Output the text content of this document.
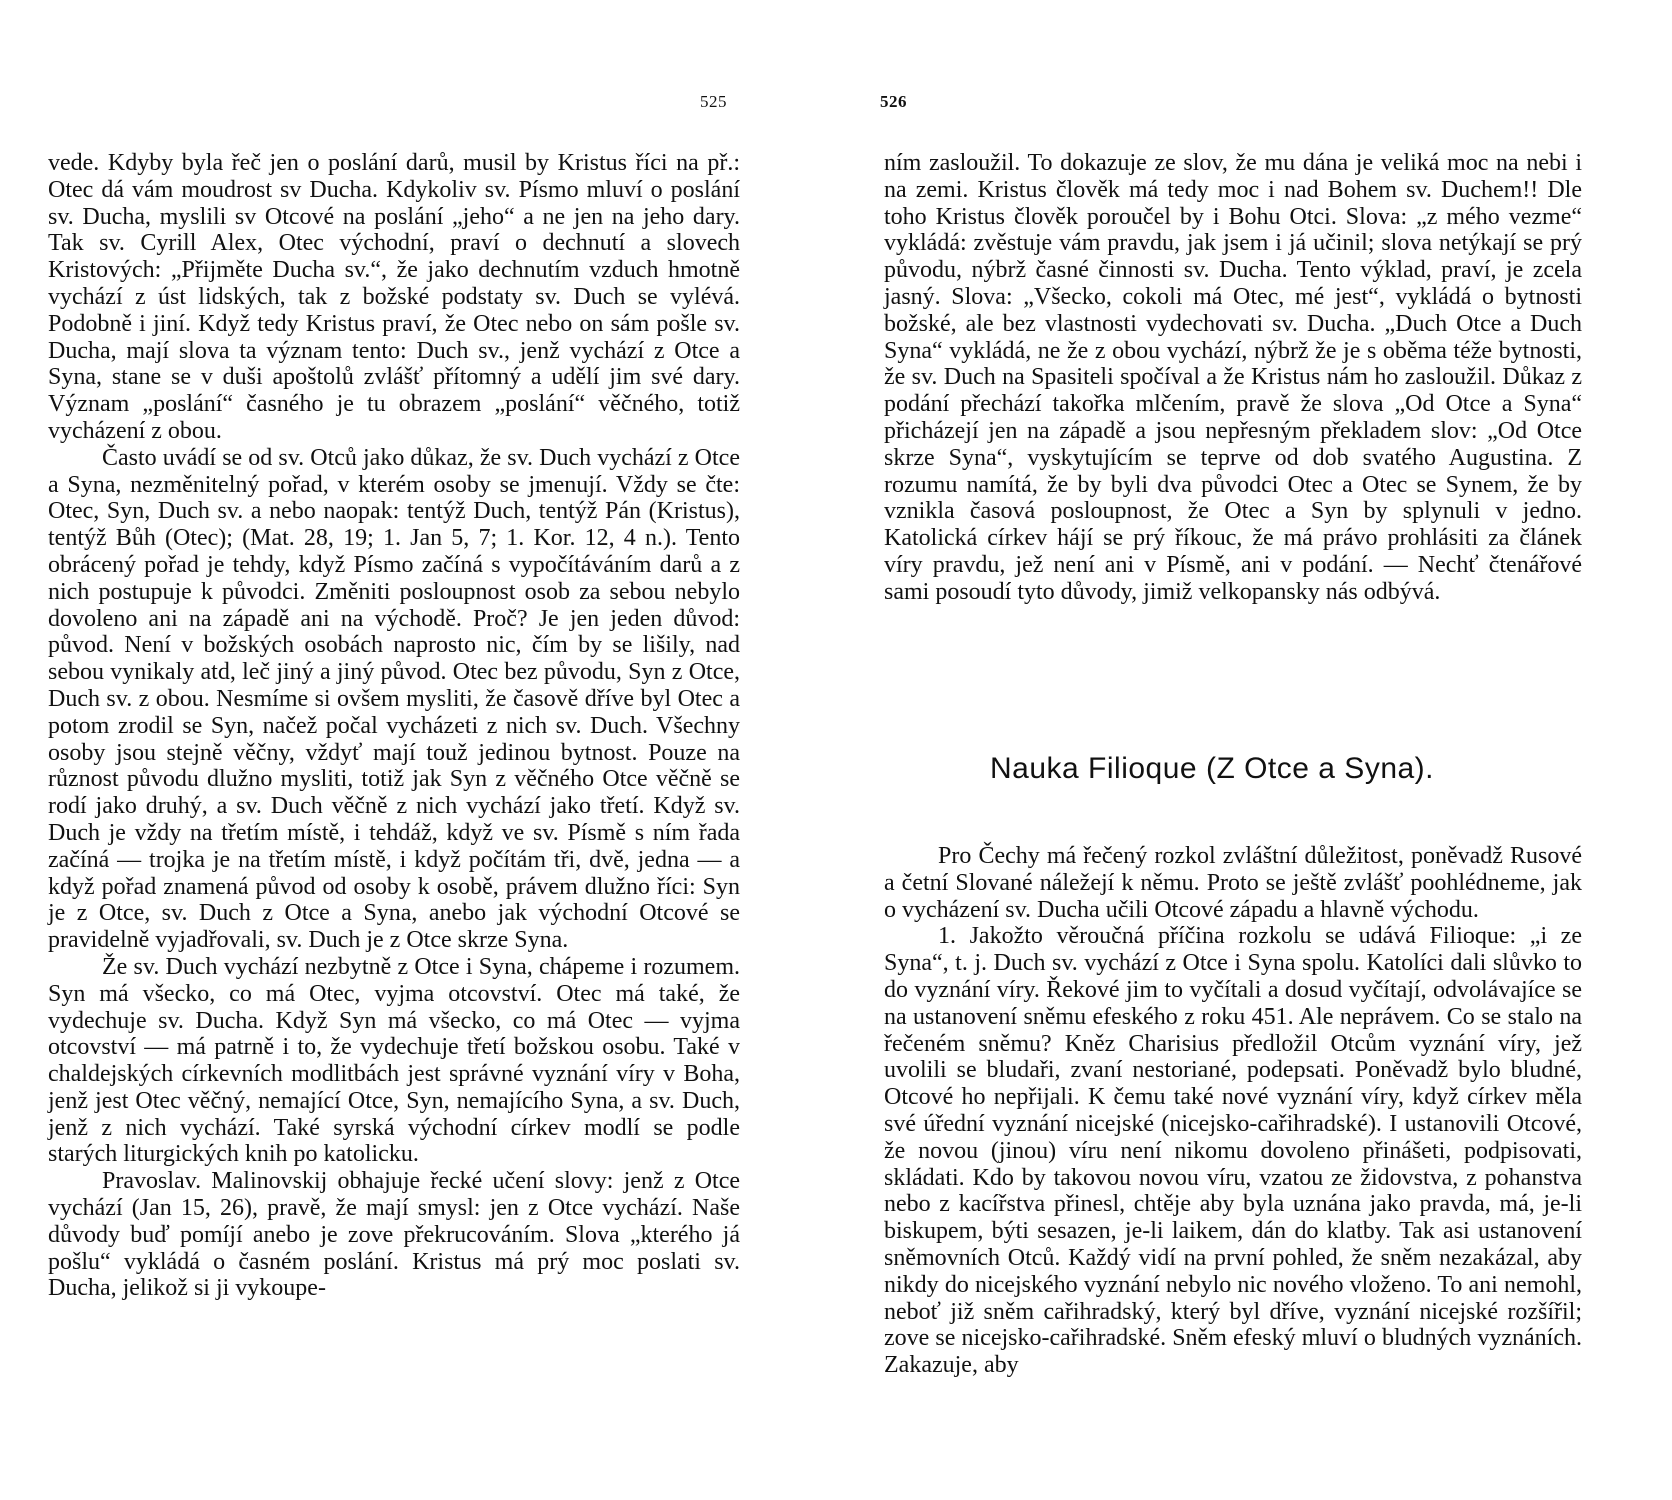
525

vede. Kdyby byla řeč jen o poslání darů, musil by Kristus říci na př.: Otec dá vám moudrost sv Ducha. Kdykoliv sv. Písmo mluví o poslání sv. Ducha, myslili sv Otcové na poslání „jeho“ a ne jen na jeho dary. Tak sv. Cyrill Alex, Otec východní, praví o dechnutí a slovech Kristových: „Přijměte Ducha sv.“, že jako dechnutím vzduch hmotně vychází z úst lidských, tak z božské podstaty sv. Duch se vylévá. Podobně i jiní. Když tedy Kristus praví, že Otec nebo on sám pošle sv. Ducha, mají slova ta význam tento: Duch sv., jenž vychází z Otce a Syna, stane se v duši apoštolů zvlášť přítomný a udělí jim své dary. Význam „poslání“ časného je tu obrazem „poslání“ věčného, totiž vycházení z obou.

Často uvádí se od sv. Otců jako důkaz, že sv. Duch vychází z Otce a Syna, nezměnitelný pořad, v kterém osoby se jmenují. Vždy se čte: Otec, Syn, Duch sv. a nebo naopak: tentýž Duch, tentýž Pán (Kristus), tentýž Bůh (Otec); (Mat. 28, 19; 1. Jan 5, 7; 1. Kor. 12, 4 n.). Tento obrácený pořad je tehdy, když Písmo začíná s vypočítáváním darů a z nich postupuje k původci. Změniti posloupnost osob za sebou nebylo dovoleno ani na západě ani na východě. Proč? Je jen jeden důvod: původ. Není v božských osobách naprosto nic, čím by se lišily, nad sebou vynikaly atd, leč jiný a jiný původ. Otec bez původu, Syn z Otce, Duch sv. z obou. Nesmíme si ovšem mysliti, že časově dříve byl Otec a potom zrodil se Syn, načež počal vycházeti z nich sv. Duch. Všechny osoby jsou stejně věčny, vždyť mají touž jedinou bytnost. Pouze na různost původu dlužno mysliti, totiž jak Syn z věčného Otce věčně se rodí jako druhý, a sv. Duch věčně z nich vychází jako třetí. Když sv. Duch je vždy na třetím místě, i tehdáž, když ve sv. Písmě s ním řada začíná — trojka je na třetím místě, i když počítám tři, dvě, jedna — a když pořad znamená původ od osoby k osobě, právem dlužno říci: Syn je z Otce, sv. Duch z Otce a Syna, anebo jak východní Otcové se pravidelně vyjadřovali, sv. Duch je z Otce skrze Syna.

Že sv. Duch vychází nezbytně z Otce i Syna, chápeme i rozumem. Syn má všecko, co má Otec, vyjma otcovství. Otec má také, že vydechuje sv. Ducha. Když Syn má všecko, co má Otec — vyjma otcovství — má patrně i to, že vydechuje třetí božskou osobu. Také v chaldejských církevních modlitbách jest správné vyznání víry v Boha, jenž jest Otec věčný, nemající Otce, Syn, nemajícího Syna, a sv. Duch, jenž z nich vychází. Také syrská východní církev modlí se podle starých liturgických knih po katolicku.

Pravoslav. Malinovskij obhajuje řecké učení slovy: jenž z Otce vychází (Jan 15, 26), pravě, že mají smysl: jen z Otce vychází. Naše důvody buď pomíjí anebo je zove překrucováním. Slova „kterého já pošlu“ vykládá o časném poslání. Kristus má prý moc poslati sv. Ducha, jelikož si ji vykoupe-

526

ním zasloužil. To dokazuje ze slov, že mu dána je veliká moc na nebi i na zemi. Kristus člověk má tedy moc i nad Bohem sv. Duchem!! Dle toho Kristus člověk poroučel by i Bohu Otci. Slova: „z mého vezme“ vykládá: zvěstuje vám pravdu, jak jsem i já učinil; slova netýkají se prý původu, nýbrž časné činnosti sv. Ducha. Tento výklad, praví, je zcela jasný. Slova: „Všecko, cokoli má Otec, mé jest“, vykládá o bytnosti božské, ale bez vlastnosti vydechovati sv. Ducha. „Duch Otce a Duch Syna“ vykládá, ne že z obou vychází, nýbrž že je s oběma téže bytnosti, že sv. Duch na Spasiteli spočíval a že Kristus nám ho zasloužil. Důkaz z podání přechází takořka mlčením, pravě že slova „Od Otce a Syna“ přicházejí jen na západě a jsou nepřesným překladem slov: „Od Otce skrze Syna“, vyskytujícím se teprve od dob svatého Augustina. Z rozumu namítá, že by byli dva původci Otec a Otec se Synem, že by vznikla časová posloupnost, že Otec a Syn by splynuli v jedno. Katolická církev hájí se prý říkouc, že má právo prohlásiti za článek víry pravdu, jež není ani v Písmě, ani v podání. — Nechť čtenářové sami posoudí tyto důvody, jimiž velkopansky nás odbývá.

Nauka Filioque (Z Otce a Syna).

Pro Čechy má řečený rozkol zvláštní důležitost, poněvadž Rusové a četní Slované náležejí k němu. Proto se ještě zvlášť poohlédneme, jak o vycházení sv. Ducha učili Otcové západu a hlavně východu.

1. Jakožto věroučná příčina rozkolu se udává Filioque: „i ze Syna“, t. j. Duch sv. vychází z Otce i Syna spolu. Katolíci dali slůvko to do vyznání víry. Řekové jim to vyčítali a dosud vyčítají, odvolávajíce se na ustanovení sněmu efeského z roku 451. Ale neprávem. Co se stalo na řečeném sněmu? Kněz Charisius předložil Otcům vyznání víry, jež uvolili se bludaři, zvaní nestoriané, podepsati. Poněvadž bylo bludné, Otcové ho nepřijali. K čemu také nové vyznání víry, když církev měla své úřední vyznání nicejské (nicejsko-cařihradské). I ustanovili Otcové, že novou (jinou) víru není nikomu dovoleno přinášeti, podpisovati, skládati. Kdo by takovou novou víru, vzatou ze židovstva, z pohanstva nebo z kacířstva přinesl, chtěje aby byla uznána jako pravda, má, je-li biskupem, býti sesazen, je-li laikem, dán do klatby. Tak asi ustanovení sněmovních Otců. Každý vidí na první pohled, že sněm nezakázal, aby nikdy do nicejského vyznání nebylo nic nového vloženo. To ani nemohl, neboť již sněm cařihradský, který byl dříve, vyznání nicejské rozšířil; zove se nicejsko-cařihradské. Sněm efeský mluví o bludných vyznáních. Zakazuje, aby
